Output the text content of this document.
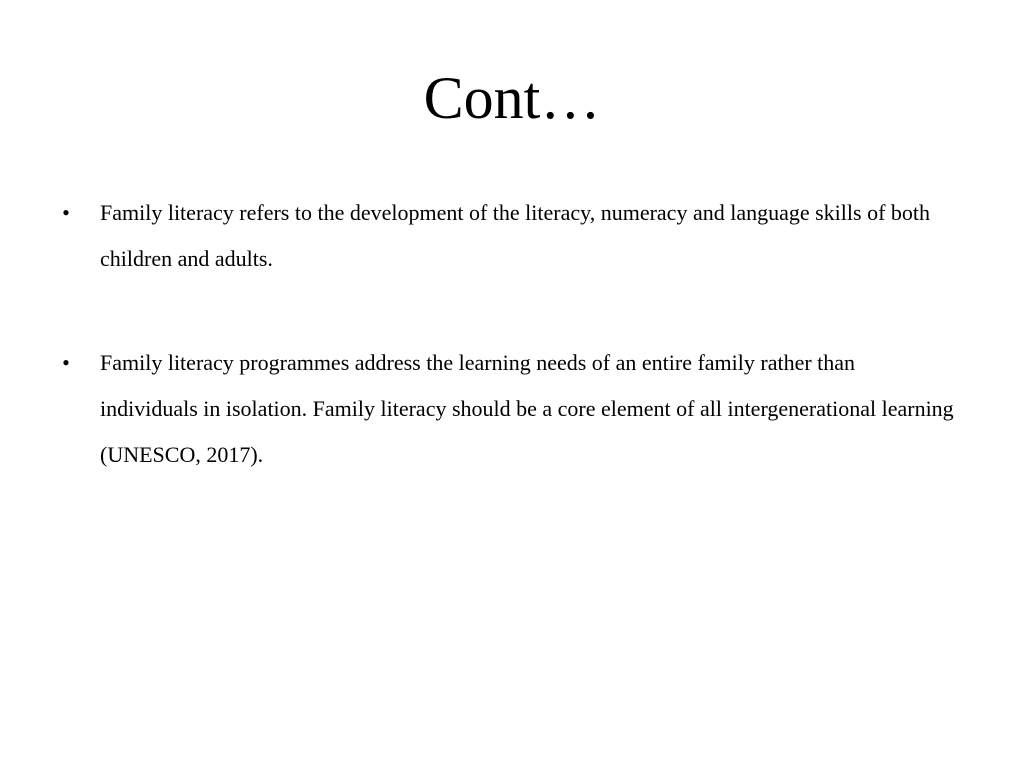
Cont…
• Family literacy refers to the development of the literacy, numeracy and language skills of both children and adults.
• Family literacy programmes address the learning needs of an entire family rather than individuals in isolation. Family literacy should be a core element of all intergenerational learning (UNESCO, 2017).
